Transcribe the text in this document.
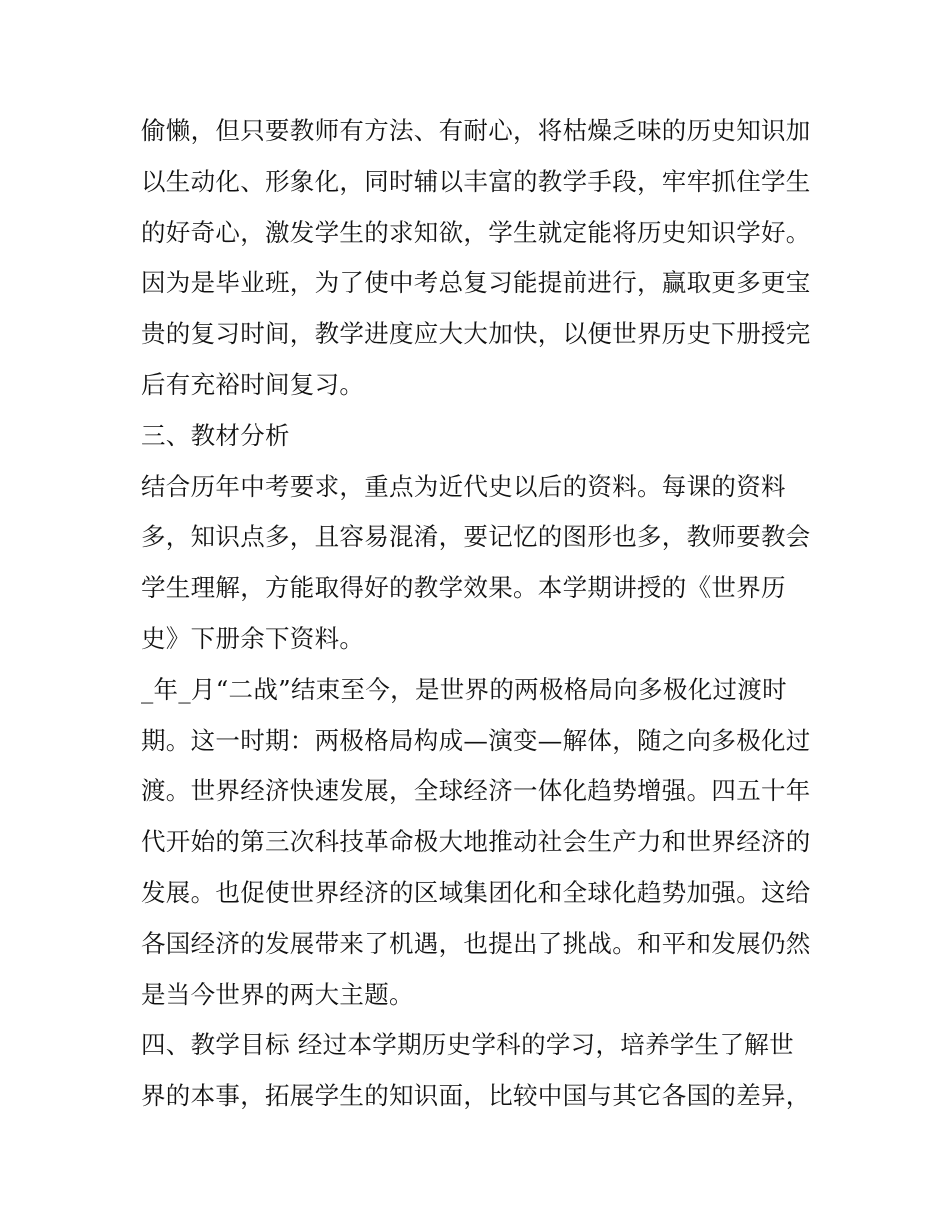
偷懒，但只要教师有方法、有耐心，将枯燥乏味的历史知识加
以生动化、形象化，同时辅以丰富的教学手段，牢牢抓住学生
的好奇心，激发学生的求知欲，学生就定能将历史知识学好。
因为是毕业班，为了使中考总复习能提前进行，赢取更多更宝
贵的复习时间，教学进度应大大加快，以便世界历史下册授完
后有充裕时间复习。
三、教材分析
结合历年中考要求，重点为近代史以后的资料。每课的资料
多，知识点多，且容易混淆，要记忆的图形也多，教师要教会
学生理解，方能取得好的教学效果。本学期讲授的《世界历
史》下册余下资料。
_年_月“二战”结束至今，是世界的两极格局向多极化过渡时
期。这一时期：两极格局构成—演变—解体，随之向多极化过
渡。世界经济快速发展，全球经济一体化趋势增强。四五十年
代开始的第三次科技革命极大地推动社会生产力和世界经济的
发展。也促使世界经济的区域集团化和全球化趋势加强。这给
各国经济的发展带来了机遇，也提出了挑战。和平和发展仍然
是当今世界的两大主题。
四、教学目标 经过本学期历史学科的学习，培养学生了解世
界的本事，拓展学生的知识面，比较中国与其它各国的差异，
